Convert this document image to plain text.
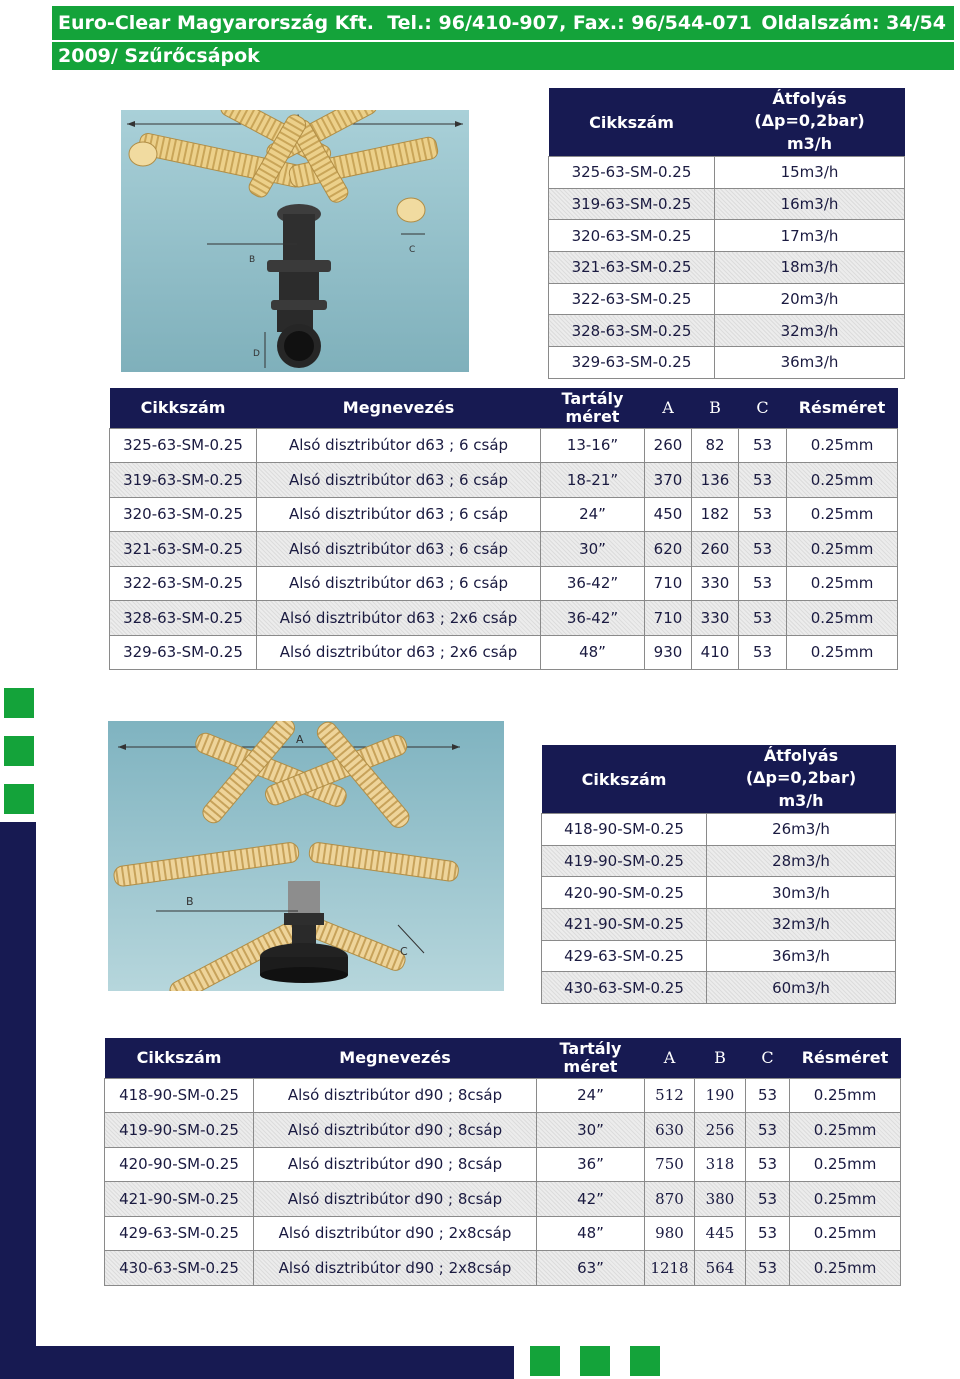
Euro-Clear Magyarország Kft. Tel.: 96/410-907, Fax.: 96/544-071 Oldalszám: 34/54
2009/ Szűrőcsápok
B
C
D
Cikkszám	Átfolyás (Δp=0,2bar)
m3/h

325-63-SM-0.25	15m3/h
319-63-SM-0.25	16m3/h
320-63-SM-0.25	17m3/h
321-63-SM-0.25	18m3/h
322-63-SM-0.25	20m3/h
328-63-SM-0.25	32m3/h
329-63-SM-0.25	36m3/h
Cikkszám	Megnevezés	Tartály méret	A	B	C	Résméret
325-63-SM-0.25	Alsó disztribútor d63 ; 6 csáp	13-16”	260	82	53	0.25mm
319-63-SM-0.25	Alsó disztribútor d63 ; 6 csáp	18-21”	370	136	53	0.25mm
320-63-SM-0.25	Alsó disztribútor d63 ; 6 csáp	24”	450	182	53	0.25mm
321-63-SM-0.25	Alsó disztribútor d63 ; 6 csáp	30”	620	260	53	0.25mm
322-63-SM-0.25	Alsó disztribútor d63 ; 6 csáp	36-42”	710	330	53	0.25mm
328-63-SM-0.25	Alsó disztribútor d63 ; 2x6 csáp	36-42”	710	330	53	0.25mm
329-63-SM-0.25	Alsó disztribútor d63 ; 2x6 csáp	48”	930	410	53	0.25mm
A
B
C
Cikkszám	Átfolyás (Δp=0,2bar)
m3/h

418-90-SM-0.25	26m3/h
419-90-SM-0.25	28m3/h
420-90-SM-0.25	30m3/h
421-90-SM-0.25	32m3/h
429-63-SM-0.25	36m3/h
430-63-SM-0.25	60m3/h
Cikkszám	Megnevezés	Tartály méret	A	B	C	Résméret
418-90-SM-0.25	Alsó disztribútor d90 ; 8csáp	24”	512	190	53	0.25mm
419-90-SM-0.25	Alsó disztribútor d90 ; 8csáp	30”	630	256	53	0.25mm
420-90-SM-0.25	Alsó disztribútor d90 ; 8csáp	36”	750	318	53	0.25mm
421-90-SM-0.25	Alsó disztribútor d90 ; 8csáp	42”	870	380	53	0.25mm
429-63-SM-0.25	Alsó disztribútor d90 ; 2x8csáp	48”	980	445	53	0.25mm
430-63-SM-0.25	Alsó disztribútor d90 ; 2x8csáp	63”	1218	564	53	0.25mm
